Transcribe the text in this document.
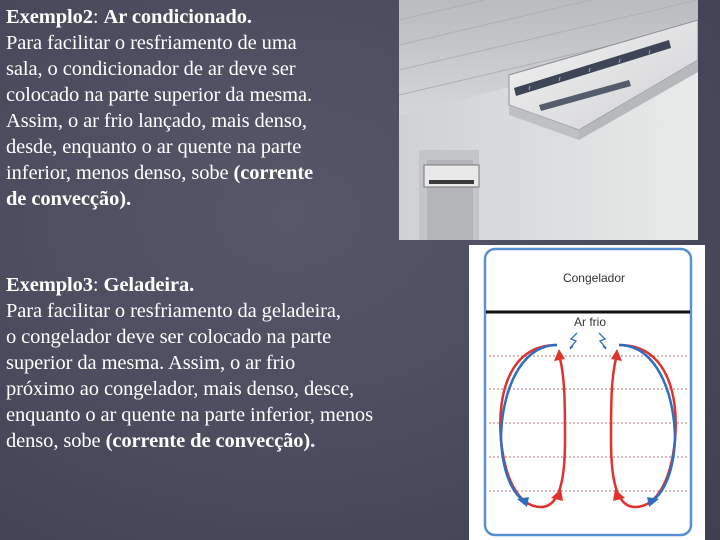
Exemplo2: Ar condicionado.
Para facilitar o resfriamento de uma
sala, o condicionador de ar deve ser
colocado na parte superior da mesma.
Assim, o ar frio lançado, mais denso,
desde, enquanto o ar quente na parte
inferior, menos denso, sobe (corrente
de convecção).
Exemplo3: Geladeira.
Para facilitar o resfriamento da geladeira,
o congelador deve ser colocado na parte
superior da mesma. Assim, o ar frio
próximo ao congelador, mais denso, desce,
enquanto o ar quente na parte inferior, menos
denso, sobe (corrente de convecção).
Congelador
Ar frio
